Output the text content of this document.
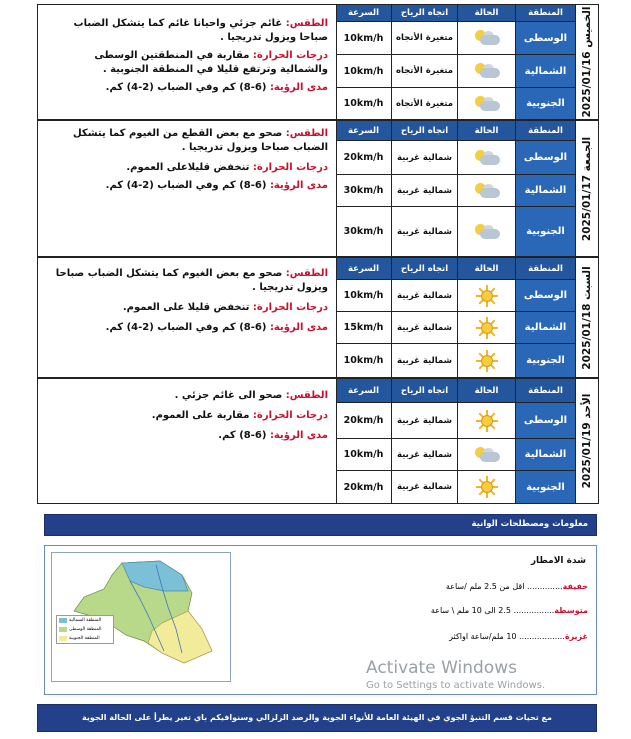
الخميس 2025/01/16
السرعة	اتجاه الرياح	الحالة	المنطقة
10km/h	متغيرة الأتجاه	الوسطى
10km/h	متغيرة الأتجاه	الشمالية
10km/h	متغيرة الأتجاه	الجنوبية

الطقس: غائم جزئي واحيانا غائم كما يتشكل الضباب صباحا ويزول تدريجيا .

درجات الحرارة: مقاربة في المنطقتين الوسطى والشمالية وترتفع قليلا في المنطقة الجنوبية .

مدى الرؤية: (6-8) كم وفي الضباب (2-4) كم.

الجمعة 2025/01/17
السرعة	اتجاه الرياح	الحالة	المنطقة
20km/h	شمالية غربية	الوسطى
30km/h	شمالية غربية	الشمالية
30km/h	شمالية غربية	الجنوبية

الطقس: صحو مع بعض القطع من الغيوم كما يتشكل الضباب صباحا ويزول تدريجيا .

درجات الحرارة: تنخفض قليلاعلى العموم.

مدى الرؤية: (6-8) كم وفي الضباب (2-4) كم.

السبت 2025/01/18
السرعة	اتجاه الرياح	الحالة	المنطقة
10km/h	شمالية غربية	الوسطى
15km/h	شمالية غربية	الشمالية
10km/h	شمالية غربية	الجنوبية

الطقس: صحو مع بعض الغيوم كما يتشكل الضباب صباحا ويزول تدريجيا .

درجات الحرارة: تنخفض قليلا على العموم.

مدى الرؤية: (6-8) كم وفي الضباب (2-4) كم.

الأحد 2025/01/19
السرعة	اتجاه الرياح	الحالة	المنطقة
20km/h	شمالية غربية	الوسطى
10km/h	شمالية غربية	الشمالية
20km/h	شمالية غربية	الجنوبية

الطقس: صحو الى غائم جزئي .

درجات الحرارة: مقاربة على العموم.

مدى الرؤية: (6-8) كم.

معلومات ومصطلحات الوانية
المنطقة الشمالية
المنطقة الوسطى
المنطقة الجنوبية
شدة الامطار
خفيفة.............. اقل من 2.5 ملم /ساعة
متوسطة................ 2.5 الى 10 ملم \ ساعة
غزيرة.................. 10 ملم/ساعة اواكثر
Activate Windows
Go to Settings to activate Windows.
مع تحيات قسم التنبؤ الجوي في الهيئة العامة للأنواء الجوية والرصد الزلزالي وسنوافيكم باي تغير يطرأ على الحالة الجوية
